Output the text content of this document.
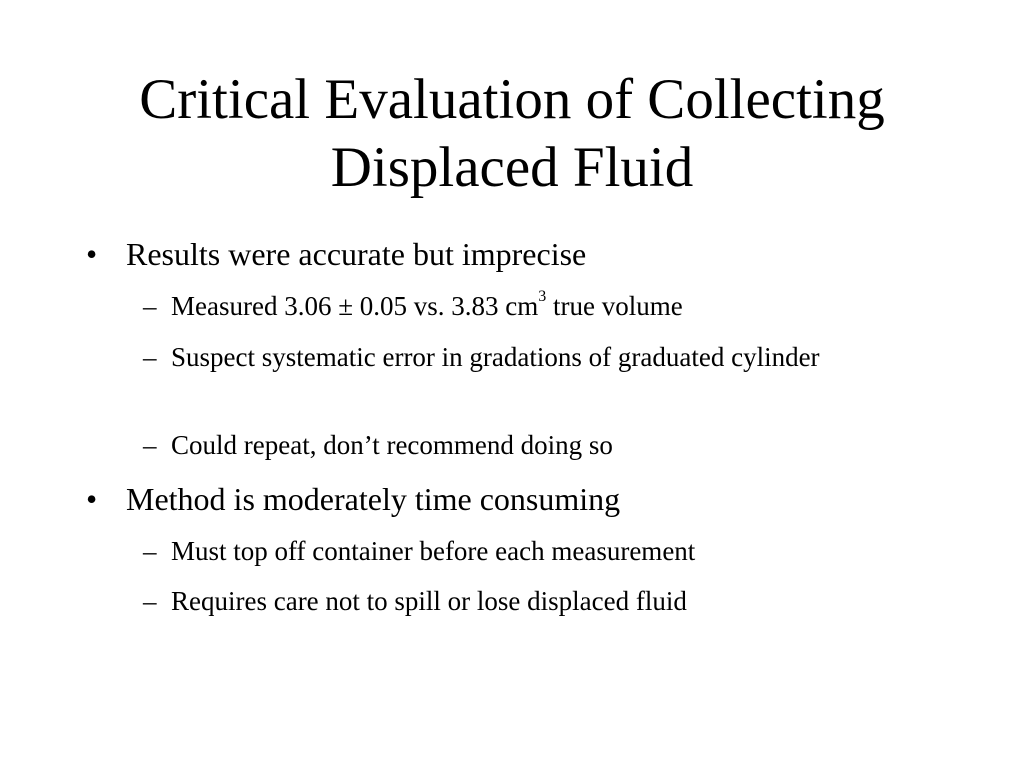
Critical Evaluation of Collecting
Displaced Fluid
• Results were accurate but imprecise
– Measured 3.06 ± 0.05 vs. 3.83 $cm^3$ true volume
– Suspect systematic error in gradations of graduated cylinder
– Could repeat, don’t recommend doing so
• Method is moderately time consuming
– Must top off container before each measurement
– Requires care not to spill or lose displaced fluid
